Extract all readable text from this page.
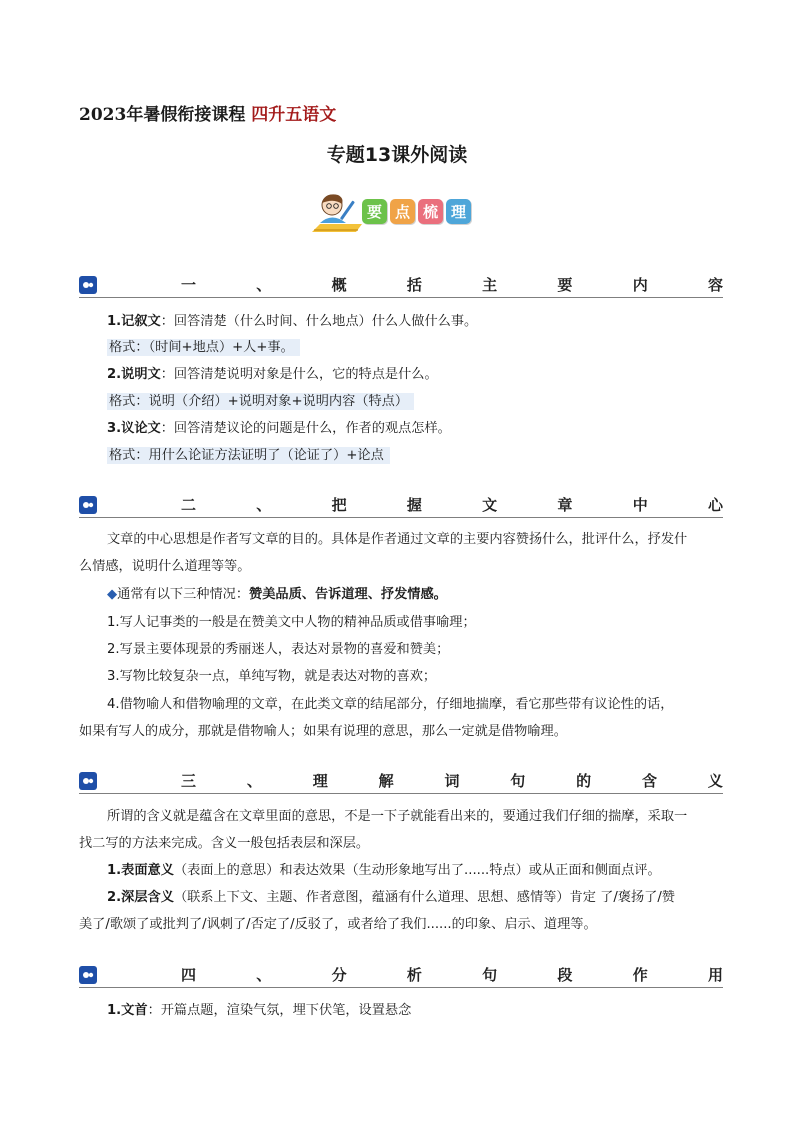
2023年暑假衔接课程 四升五语文
专题13课外阅读
要 点 梳 理
一	、	概	括	主	要	内	容
1.记叙文：回答清楚（什么时间、什么地点）什么人做什么事。
格式：（时间+地点）+人+事。
2.说明文：回答清楚说明对象是什么，它的特点是什么。
格式：说明（介绍）+说明对象+说明内容（特点）
3.议论文：回答清楚议论的问题是什么，作者的观点怎样。
格式：用什么论证方法证明了（论证了）+论点
二	、	把	握	文	章	中	心
文章的中心思想是作者写文章的目的。具体是作者通过文章的主要内容赞扬什么，批评什么，抒发什
么情感，说明什么道理等等。
◆通常有以下三种情况：赞美品质、告诉道理、抒发情感。
1.写人记事类的一般是在赞美文中人物的精神品质或借事喻理；
2.写景主要体现景的秀丽迷人，表达对景物的喜爱和赞美；
3.写物比较复杂一点，单纯写物，就是表达对物的喜欢；
4.借物喻人和借物喻理的文章，在此类文章的结尾部分，仔细地揣摩，看它那些带有议论性的话，
如果有写人的成分，那就是借物喻人；如果有说理的意思，那么一定就是借物喻理。
三	、	理	解	词	句	的	含	义
所谓的含义就是蕴含在文章里面的意思，不是一下子就能看出来的，要通过我们仔细的揣摩，采取一
找二写的方法来完成。含义一般包括表层和深层。
1.表面意义（表面上的意思）和表达效果（生动形象地写出了......特点）或从正面和侧面点评。
2.深层含义（联系上下文、主题、作者意图，蕴涵有什么道理、思想、感情等）肯定 了/褒扬了/赞
美了/歌颂了或批判了/讽刺了/否定了/反驳了，或者给了我们......的印象、启示、道理等。
四	、	分	析	句	段	作	用
1.文首：开篇点题，渲染气氛，埋下伏笔，设置悬念
